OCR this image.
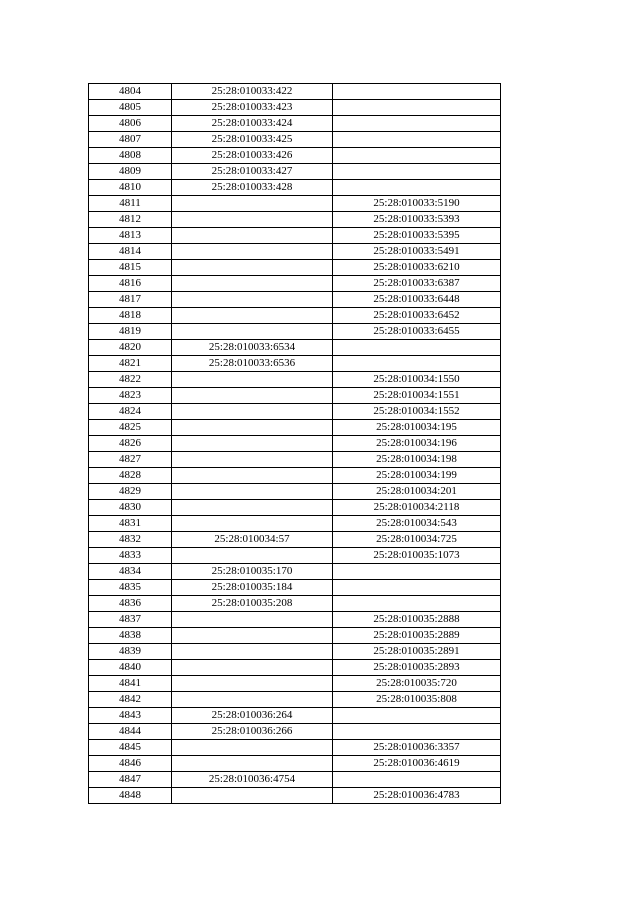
4804	25:28:010033:422	
4805	25:28:010033:423	
4806	25:28:010033:424	
4807	25:28:010033:425	
4808	25:28:010033:426	
4809	25:28:010033:427	
4810	25:28:010033:428	
4811		25:28:010033:5190
4812		25:28:010033:5393
4813		25:28:010033:5395
4814		25:28:010033:5491
4815		25:28:010033:6210
4816		25:28:010033:6387
4817		25:28:010033:6448
4818		25:28:010033:6452
4819		25:28:010033:6455
4820	25:28:010033:6534	
4821	25:28:010033:6536	
4822		25:28:010034:1550
4823		25:28:010034:1551
4824		25:28:010034:1552
4825		25:28:010034:195
4826		25:28:010034:196
4827		25:28:010034:198
4828		25:28:010034:199
4829		25:28:010034:201
4830		25:28:010034:2118
4831		25:28:010034:543
4832	25:28:010034:57	25:28:010034:725
4833		25:28:010035:1073
4834	25:28:010035:170	
4835	25:28:010035:184	
4836	25:28:010035:208	
4837		25:28:010035:2888
4838		25:28:010035:2889
4839		25:28:010035:2891
4840		25:28:010035:2893
4841		25:28:010035:720
4842		25:28:010035:808
4843	25:28:010036:264	
4844	25:28:010036:266	
4845		25:28:010036:3357
4846		25:28:010036:4619
4847	25:28:010036:4754	
4848		25:28:010036:4783
